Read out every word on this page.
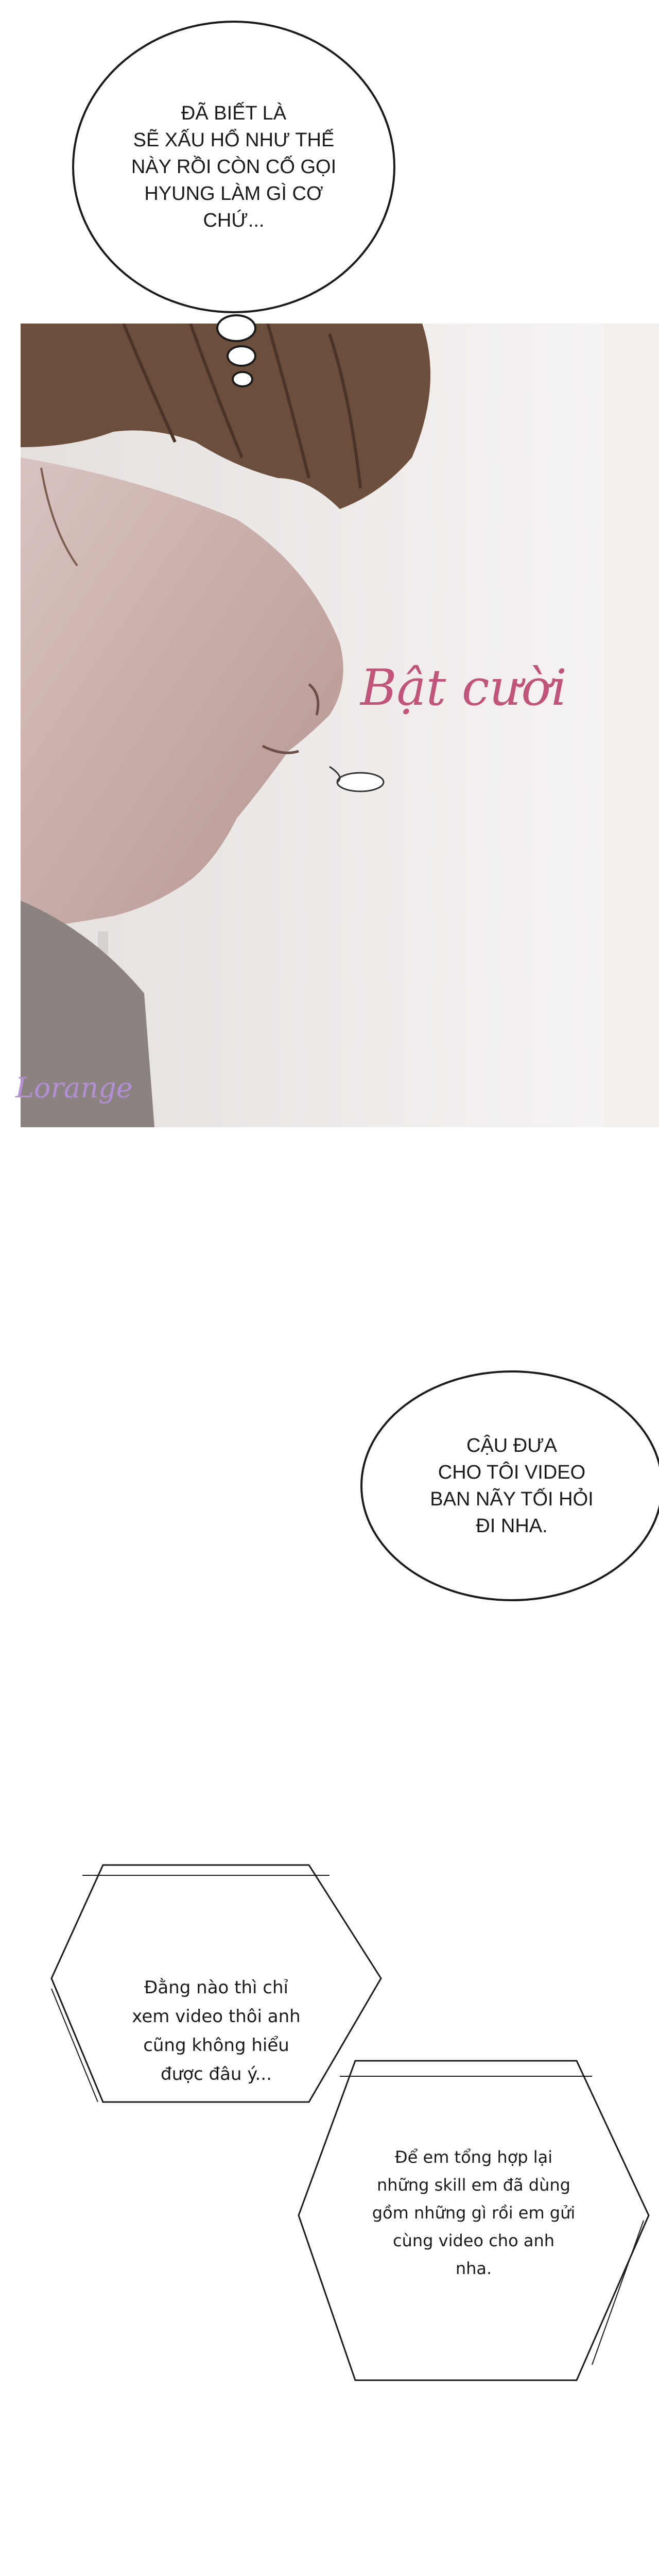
ĐÃ BIẾT LÀ
SẼ XẤU HỔ NHƯ THẾ
NÀY RỒI CÒN CỐ GỌI
HYUNG LÀM GÌ CƠ
CHỨ...
Bật cười
Lorange
CẬU ĐƯA
CHO TÔI VIDEO
BAN NÃY TỐI HỎI
ĐI NHA.
Đằng nào thì chỉ
xem video thôi anh
cũng không hiểu
được đâu ý...
Để em tổng hợp lại
những skill em đã dùng
gồm những gì rồi em gửi
cùng video cho anh
nha.
